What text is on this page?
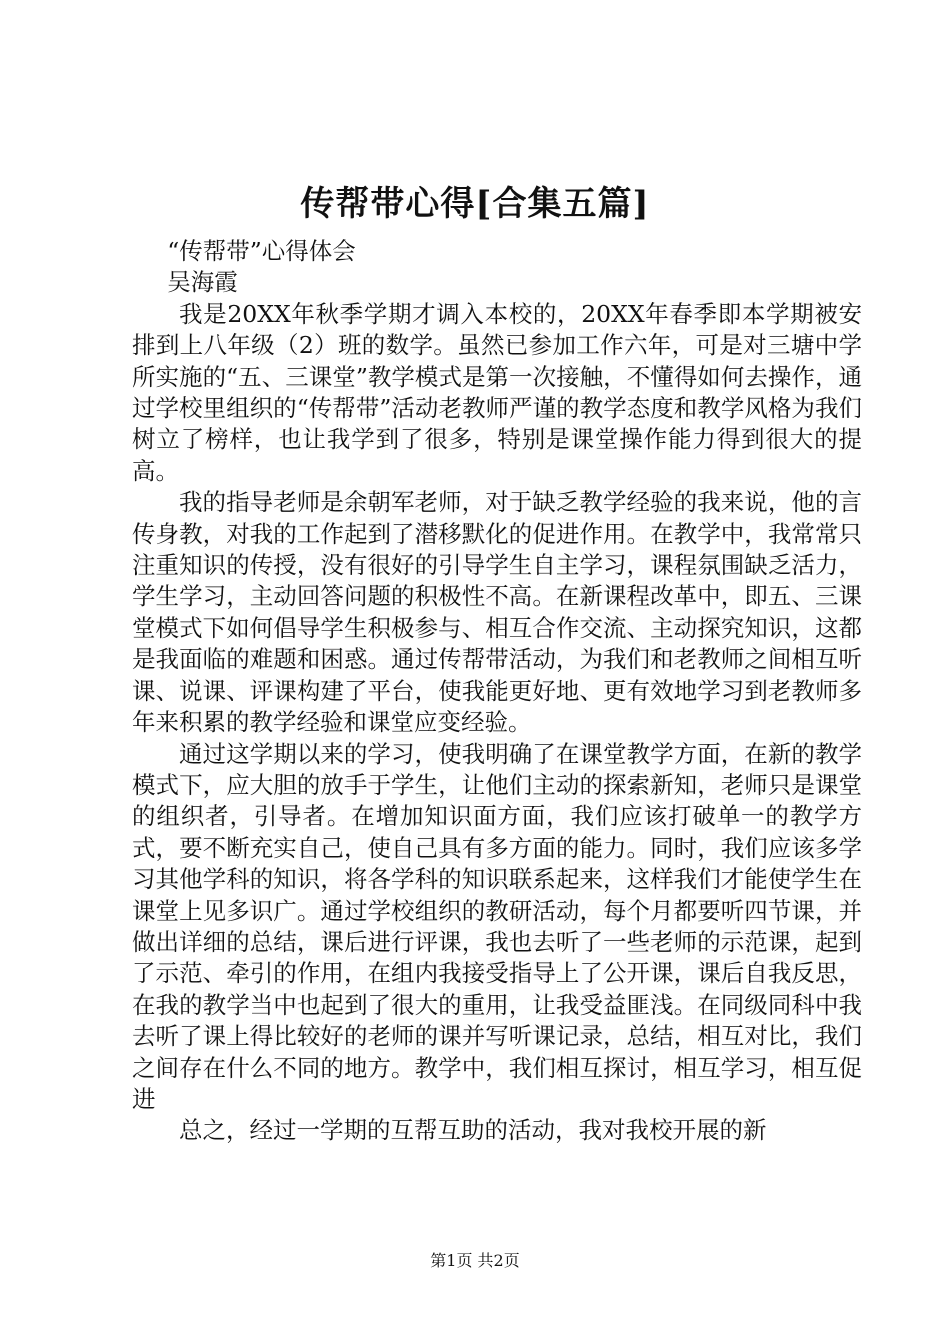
传帮带心得[合集五篇]

“传帮带”心得体会

吴海霞

我是20XX年秋季学期才调入本校的，20XX年春季即本学期被安排到上八年级（2）班的数学。虽然已参加工作六年，可是对三塘中学所实施的“五、三课堂”教学模式是第一次接触，不懂得如何去操作，通过学校里组织的“传帮带”活动老教师严谨的教学态度和教学风格为我们树立了榜样，也让我学到了很多，特别是课堂操作能力得到很大的提高。

我的指导老师是余朝军老师，对于缺乏教学经验的我来说，他的言传身教，对我的工作起到了潜移默化的促进作用。在教学中，我常常只注重知识的传授，没有很好的引导学生自主学习，课程氛围缺乏活力，学生学习，主动回答问题的积极性不高。在新课程改革中，即五、三课堂模式下如何倡导学生积极参与、相互合作交流、主动探究知识，这都是我面临的难题和困惑。通过传帮带活动，为我们和老教师之间相互听课、说课、评课构建了平台，使我能更好地、更有效地学习到老教师多年来积累的教学经验和课堂应变经验。

通过这学期以来的学习，使我明确了在课堂教学方面，在新的教学模式下，应大胆的放手于学生，让他们主动的探索新知，老师只是课堂的组织者，引导者。在增加知识面方面，我们应该打破单一的教学方式，要不断充实自己，使自己具有多方面的能力。同时，我们应该多学习其他学科的知识，将各学科的知识联系起来，这样我们才能使学生在课堂上见多识广。通过学校组织的教研活动，每个月都要听四节课，并做出详细的总结，课后进行评课，我也去听了一些老师的示范课，起到了示范、牵引的作用，在组内我接受指导上了公开课，课后自我反思，在我的教学当中也起到了很大的重用，让我受益匪浅。在同级同科中我去听了课上得比较好的老师的课并写听课记录，总结，相互对比，我们之间存在什么不同的地方。教学中，我们相互探讨，相互学习，相互促进

总之，经过一学期的互帮互助的活动，我对我校开展的新

第1页 共2页
